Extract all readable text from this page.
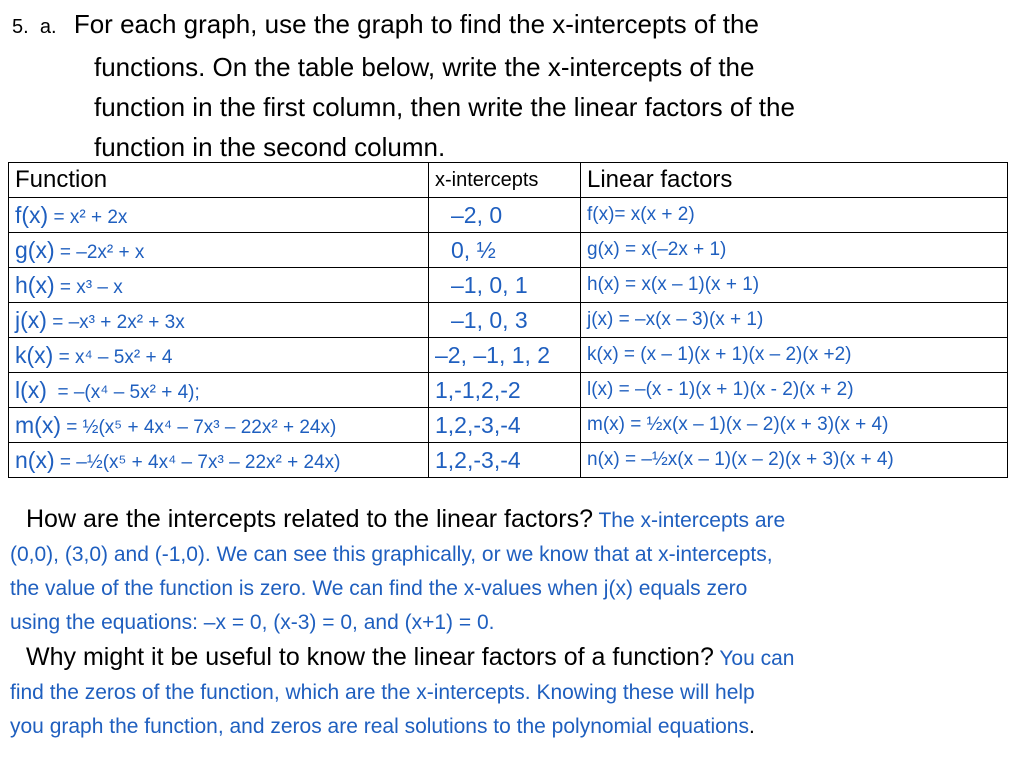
5. a. For each graph, use the graph to find the x-intercepts of the
functions. On the table below, write the x-intercepts of the
function in the first column, then write the linear factors of the
function in the second column.
Function	x-intercepts	Linear factors
f(x) = x² + 2x	–2, 0	f(x)= x(x + 2)
g(x) = –2x² + x	0, ½	g(x) = x(–2x + 1)
h(x) = x³ – x	–1, 0, 1	h(x) = x(x – 1)(x + 1)
j(x) = –x³ + 2x² + 3x	–1, 0, 3	j(x) = –x(x – 3)(x + 1)
k(x) = x⁴ – 5x² + 4	–2, –1, 1, 2	k(x) = (x – 1)(x + 1)(x – 2)(x +2)
l(x)  = –(x⁴ – 5x² + 4);	1,-1,2,-2	l(x) = –(x - 1)(x + 1)(x - 2)(x + 2)
m(x) = ½(x⁵ + 4x⁴ – 7x³ – 22x² + 24x)	1,2,-3,-4	m(x) = ½x(x – 1)(x – 2)(x + 3)(x + 4)
n(x) = –½(x⁵ + 4x⁴ – 7x³ – 22x² + 24x)	1,2,-3,-4	n(x) = –½x(x – 1)(x – 2)(x + 3)(x + 4)
How are the intercepts related to the linear factors? The x-intercepts are
(0,0), (3,0) and (-1,0). We can see this graphically, or we know that at x-intercepts,
the value of the function is zero. We can find the x-values when j(x) equals zero
using the equations: –x = 0, (x-3) = 0, and (x+1) = 0.
Why might it be useful to know the linear factors of a function? You can
find the zeros of the function, which are the x-intercepts. Knowing these will help
you graph the function, and zeros are real solutions to the polynomial equations.
